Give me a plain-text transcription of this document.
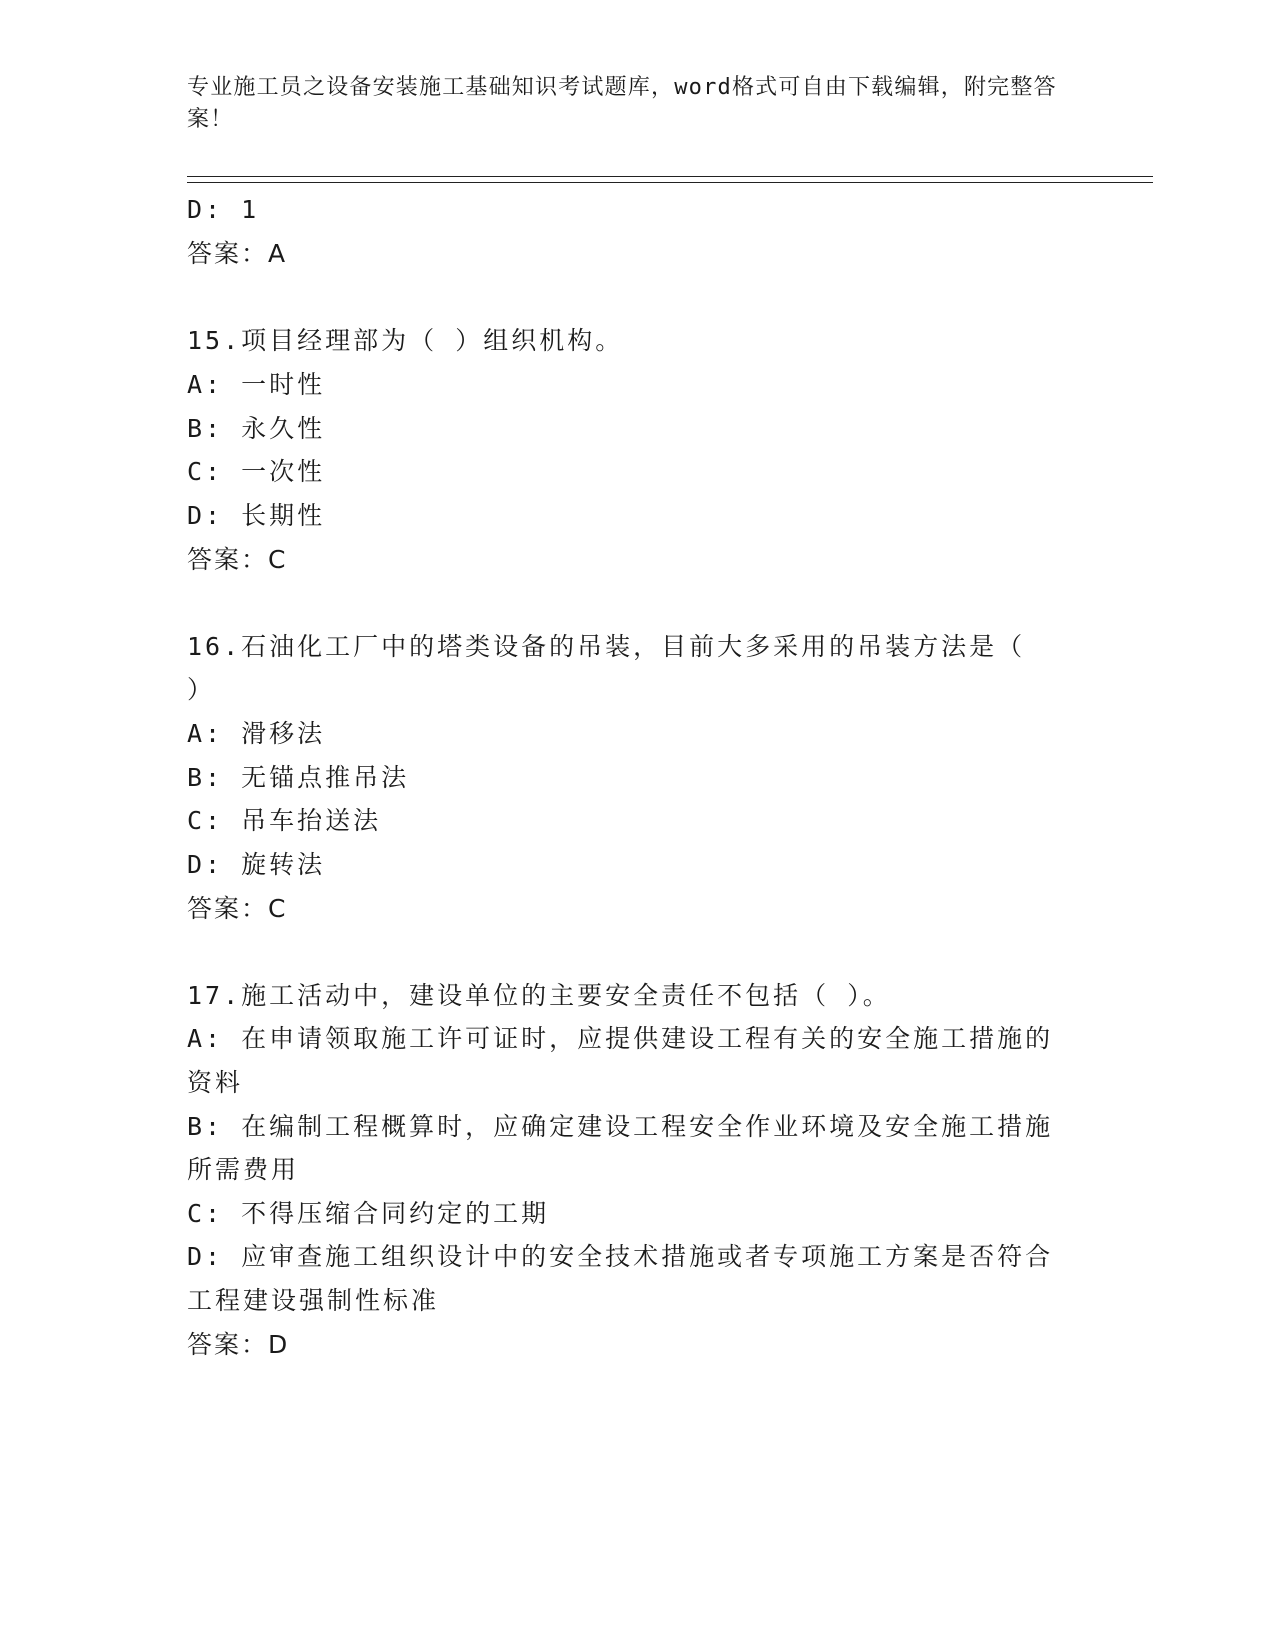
专业施工员之设备安装施工基础知识考试题库，word格式可自由下载编辑，附完整答案！
D: 1
答案：A
15.项目经理部为（ ）组织机构。
A: 一时性
B: 永久性
C: 一次性
D: 长期性
答案：C
16.石油化工厂中的塔类设备的吊装，目前大多采用的吊装方法是（
）
A: 滑移法
B: 无锚点推吊法
C: 吊车抬送法
D: 旋转法
答案：C
17.施工活动中，建设单位的主要安全责任不包括（ ）。
A: 在申请领取施工许可证时，应提供建设工程有关的安全施工措施的
资料
B: 在编制工程概算时，应确定建设工程安全作业环境及安全施工措施
所需费用
C: 不得压缩合同约定的工期
D: 应审查施工组织设计中的安全技术措施或者专项施工方案是否符合
工程建设强制性标准
答案：D
